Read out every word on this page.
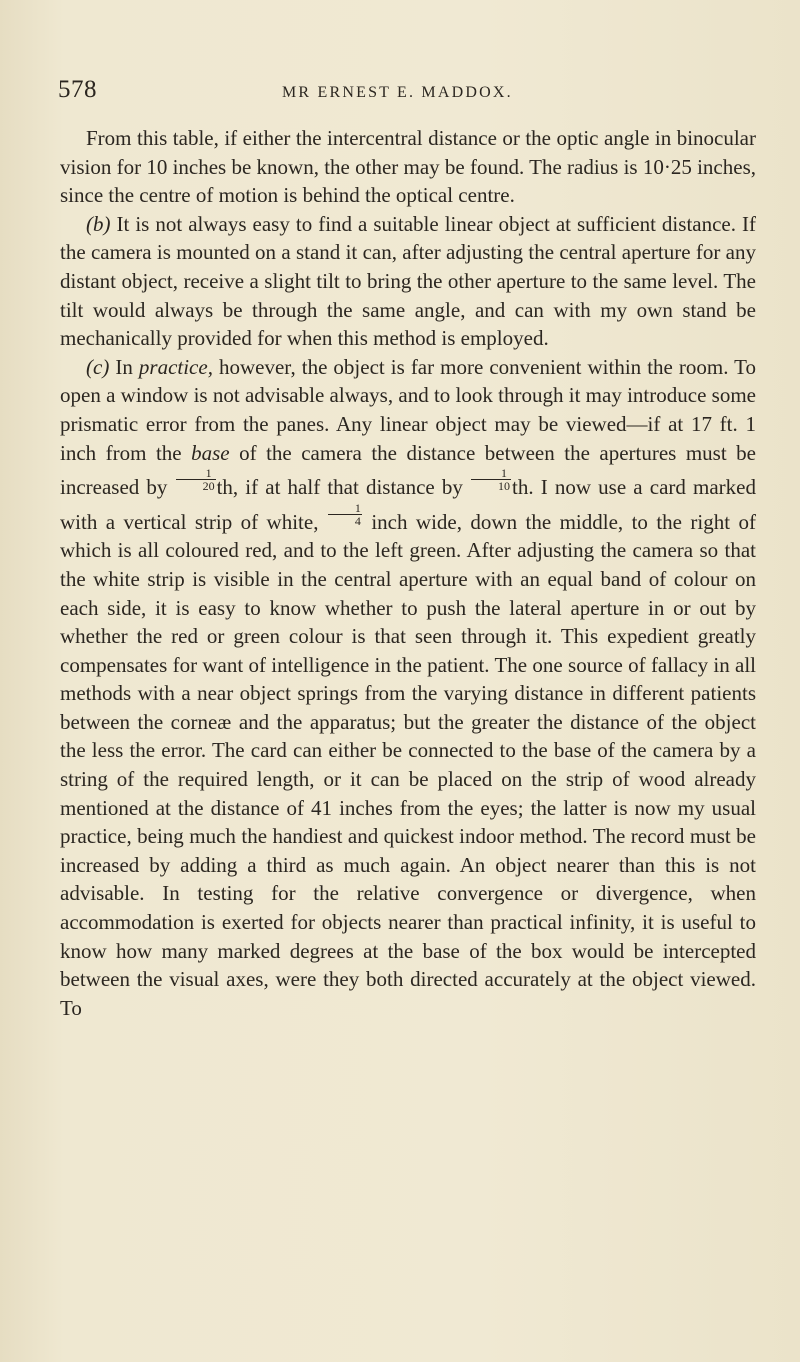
578	MR ERNEST E. MADDOX.

From this table, if either the intercentral distance or the optic angle in binocular vision for 10 inches be known, the other may be found. The radius is 10·25 inches, since the centre of motion is behind the optical centre.

(b) It is not always easy to find a suitable linear object at sufficient distance. If the camera is mounted on a stand it can, after adjusting the central aperture for any distant object, receive a slight tilt to bring the other aperture to the same level. The tilt would always be through the same angle, and can with my own stand be mechanically provided for when this method is employed.

(c) In practice, however, the object is far more convenient within the room. To open a window is not advisable always, and to look through it may introduce some prismatic error from the panes. Any linear object may be viewed—if at 17 ft. 1 inch from the base of the camera the distance between the apertures must be increased by $\frac{1}{20}$ th, if at half that distance by $\frac{1}{10}$ th. I now use a card marked with a vertical strip of white, $\frac{1}{4}$ inch wide, down the middle, to the right of which is all coloured red, and to the left green. After adjusting the camera so that the white strip is visible in the central aperture with an equal band of colour on each side, it is easy to know whether to push the lateral aperture in or out by whether the red or green colour is that seen through it. This expedient greatly compensates for want of intelligence in the patient. The one source of fallacy in all methods with a near object springs from the varying distance in different patients between the corneæ and the apparatus; but the greater the distance of the object the less the error. The card can either be connected to the base of the camera by a string of the required length, or it can be placed on the strip of wood already mentioned at the distance of 41 inches from the eyes; the latter is now my usual practice, being much the handiest and quickest indoor method. The record must be increased by adding a third as much again. An object nearer than this is not advisable. In testing for the relative convergence or divergence, when accommodation is exerted for objects nearer than practical infinity, it is useful to know how many marked degrees at the base of the box would be intercepted between the visual axes, were they both directed accurately at the object viewed. To
